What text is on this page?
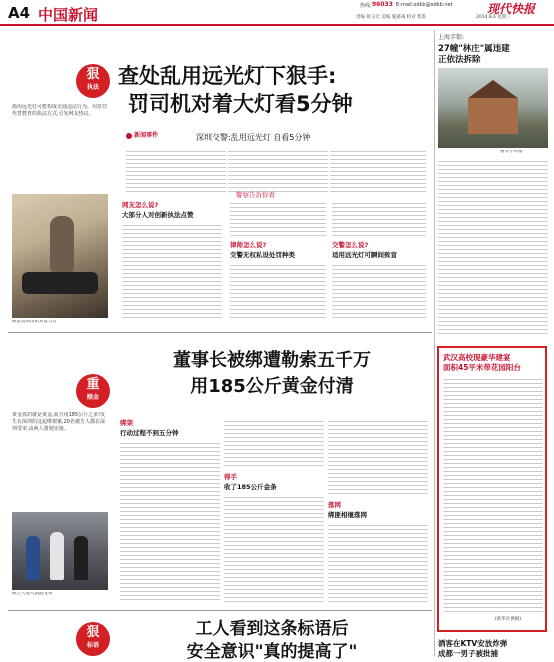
A4 中国新闻	热线: 96033 E-mail:xdkb@xdkb.net	现代快报
责编 蔡玉宏 美编 施嘉彧 校对 程鉴	2014.8.6 星期三
狠
执法 查处乱用远光灯下狠手:
罚司机对着大灯看5分钟
滥用远光灯可能构成交通违法行为。用惩罚代替教育的执法方式,引发网友热议。
新闻事件	深圳交警:乱用远光灯 自看5分钟
被惩罚的司机对着大灯
网友怎么说?
大部分人对创新执法点赞
警察告诉你看
律师怎么说?
交警无权私设处罚种类
交警怎么说?
适用远光灯可瞬间致盲
上海弄街:
27幢"林庄"属违建
正依法拆除
豪华小木楼
武汉高校现豪华建宴
面积45平米带花园阳台
(新华社供稿)
洒客在KTV安放炸弹
成都一男子被批捕
重
赎金
董事长被绑遭勒索五千万
用185公斤黄金付清
黄金真的就是黄金,而且用185公斤之多!发生在深圳的这起绑架案,20名被告人都在深圳受审,由两人策划实施。
绑架
行动过程不到五分钟
得手
收了185公斤金条
落网
绑匪相继落网
被告人进入法庭受审
狠
标语
工人看到这条标语后
安全意识"真的提高了"
